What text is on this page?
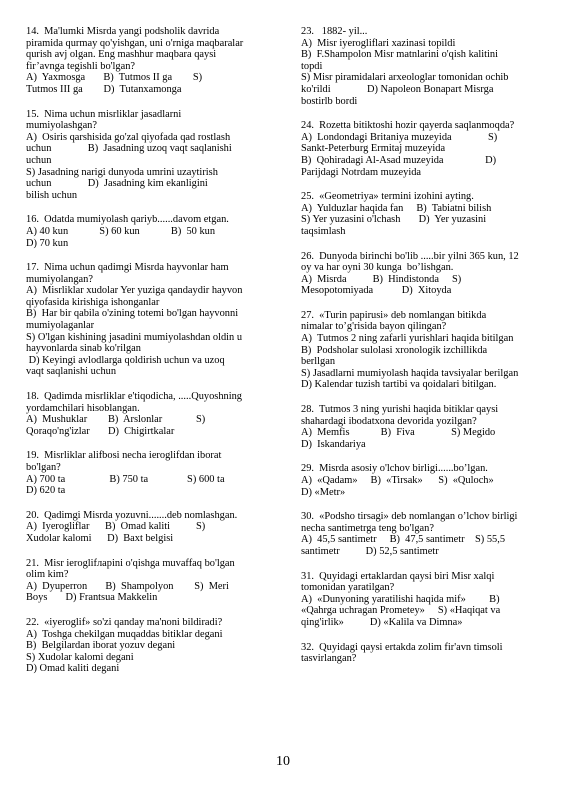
14.  Ma'lumki Misrda yangi podsholik davrida

piramida qurmay qo'yishgan, uni o'rniga maqbaralar

qurish avj olgan. Eng mashhur maqbara qaysi

fir’avnga tegishli bo'lgan?

A)  Yaxmosga       B)  Tutmos II ga        S)

Tutmos III ga        D)  Tutanxamonga

15.  Nima uchun misrliklar jasadlarni

mumiyolashgan?

A)  Osiris qarshisida go'zal qiyofada qad rostlash

uchun              B)  Jasadning uzoq vaqt saqlanishi

uchun

S) Jasadning narigi dunyoda umrini uzaytirish

uchun              D)  Jasadning kim ekanligini

bilish uchun

16.  Odatda mumiyolash qariyb......davom etgan.

A) 40 kun            S) 60 kun            B)  50 kun

D) 70 kun

17.  Nima uchun qadimgi Misrda hayvonlar ham

mumiyolangan?

A)  Misrliklar xudolar Yer yuziga qandaydir hayvon

qiyofasida kirishiga ishonganlar

B)  Har bir qabila o'zining totemi bo'lgan hayvonni

mumiyolaganlar

S) O'lgan kishining jasadini mumiyolashdan oldin u

hayvonlarda sinab ko'rilgan

D) Keyingi avlodlarga qoldirish uchun va uzoq

vaqt saqlanishi uchun

18.  Qadimda misrliklar e'tiqodicha, .....Quyoshning

yordamchilari hisoblangan.

A)  Mushuklar        B)  Arslonlar             S)

Qoraqo'ng'izlar       D)  Chigirtkalar

19.  Misrliklar alifbosi necha ieroglifdan iborat

bo'lgan?

A) 700 ta                 B) 750 ta               S) 600 ta

D) 620 ta

20.  Qadimgi Misrda yozuvni.......deb nomlashgan.

A)  Iyerogliflar      B)  Omad kaliti          S)

Xudolar kalomi      D)  Baxt belgisi

21.  Misr ieroglifларini o'qishga muvaffaq bo'lgan

olim kim?

A)  Dyuperron       B)  Shampolyon        S)  Meri

Boys       D) Frantsua Makkelin

22.  «iyeroglif» so'zi qanday ma'noni bildiradi?

A)  Toshga chekilgan muqaddas bitiklar degani

B)  Belgilardan iborat yozuv degani

S) Xudolar kalomi degani

D) Omad kaliti degani

23.   1882- yil...

A)  Misr iyerogliflari xazinasi topildi

B)  F.Shampolon Misr matnlarini o'qish kalitini

topdi

S) Misr piramidalari arxeologlar tomonidan ochib

ko'rildi              D) Napoleon Bonapart Misrga

bostirlb bordi

24.  Rozetta bitiktoshi hozir qayerda saqlanmoqda?

A)  Londondagi Britaniya muzeyida              S)

Sankt-Peterburg Ermitaj muzeyida

B)  Qohiradagi Al-Asad muzeyida                D)

Parijdagi Notrdam muzeyida

25.  «Geometriya» termini izohini ayting.

A)  Yulduzlar haqida fan     B)  Tabiatni bilish

S) Yer yuzasini o'lchash       D)  Yer yuzasini

taqsimlash

26.  Dunyoda birinchi bo'lib .....bir yilni 365 kun, 12

oy va har oyni 30 kunga  bo’lishgan.

A)  Misrda          B)  Hindistonda     S)

Mesopotomiyada           D)  Xitoyda

27.  «Turin papirusi» deb nomlangan bitikda

nimalar to’g'risida bayon qilingan?

A)  Tutmos 2 ning zafarli yurishlari haqida bitilgan

B)  Podsholar sulolasi xronologik izchillikda

berllgan

S) Jasadlarni mumiyolash haqida tavsiyalar berilgan

D) Kalendar tuzish tartibi va qoidalari bitilgan.

28.  Tutmos 3 ning yurishi haqida bitiklar qaysi

shahardagi ibodatxona devorida yozilgan?

A)  Memfis            B)  Fiva              S) Megido

D)  Iskandariya

29.  Misrda asosiy o'lchov birligi......bo’lgan.

A)  «Qadam»     B)  «Tirsak»      S)  «Quloch»

D) «Metr»

30.  «Podsho tirsagi» deb nomlangan o’lchov birligi

necha santimetrga teng bo'lgan?

A)  45,5 santimetr     B)  47,5 santimetr    S) 55,5

santimetr          D) 52,5 santimetr

31.  Quyidagi ertaklardan qaysi biri Misr xalqi

tomonidan yaratilgan?

A)  «Dunyoning yaratilishi haqida mif»         B)

«Qahrga uchragan Prometey»     S) «Haqiqat va

qing'irlik»          D) «Kalila va Dimna»

32.  Quyidagi qaysi ertakda zolim fir'avn timsoli

tasvirlangan?

10
